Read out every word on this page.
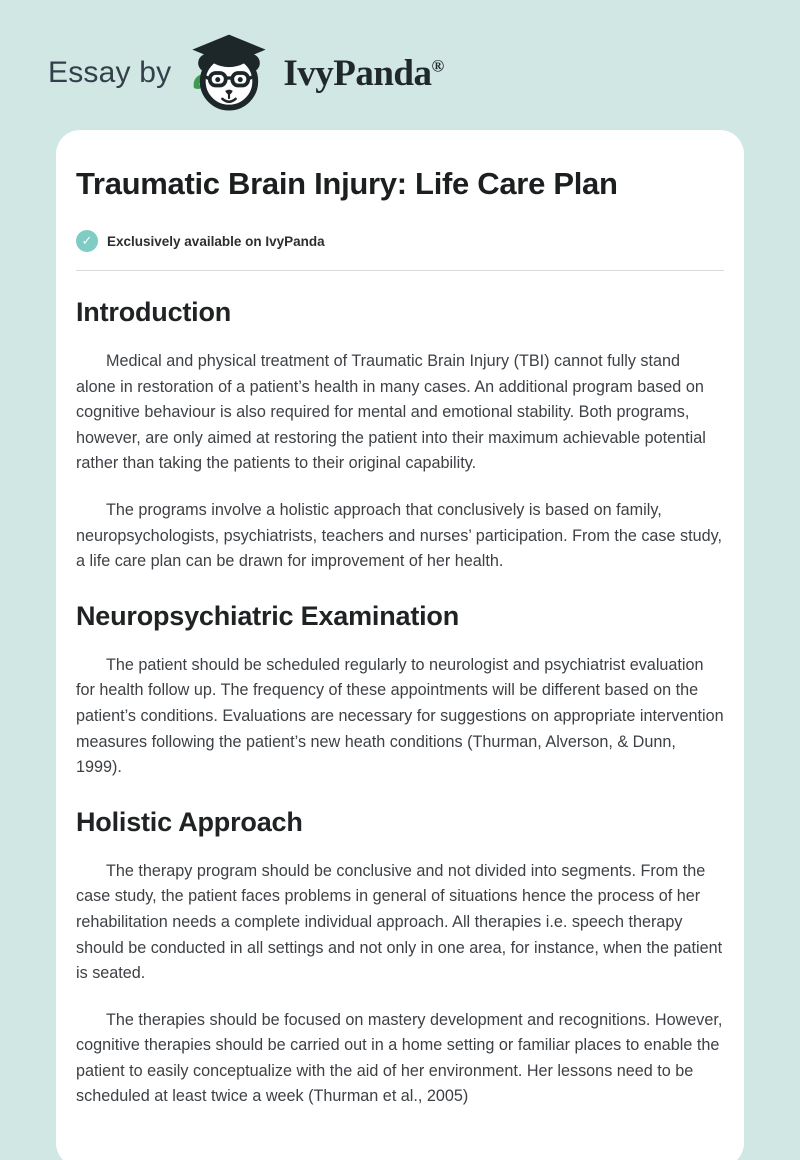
Essay by	IvyPanda®
Traumatic Brain Injury: Life Care Plan
✓	Exclusively available on IvyPanda
Introduction

Medical and physical treatment of Traumatic Brain Injury (TBI) cannot fully stand alone in restoration of a patient’s health in many cases. An additional program based on cognitive behaviour is also required for mental and emotional stability. Both programs, however, are only aimed at restoring the patient into their maximum achievable potential rather than taking the patients to their original capability.

The programs involve a holistic approach that conclusively is based on family, neuropsychologists, psychiatrists, teachers and nurses’ participation. From the case study, a life care plan can be drawn for improvement of her health.

Neuropsychiatric Examination

The patient should be scheduled regularly to neurologist and psychiatrist evaluation for health follow up. The frequency of these appointments will be different based on the patient’s conditions. Evaluations are necessary for suggestions on appropriate intervention measures following the patient’s new heath conditions (Thurman, Alverson, & Dunn, 1999).

Holistic Approach

The therapy program should be conclusive and not divided into segments. From the case study, the patient faces problems in general of situations hence the process of her rehabilitation needs a complete individual approach. All therapies i.e. speech therapy should be conducted in all settings and not only in one area, for instance, when the patient is seated.

The therapies should be focused on mastery development and recognitions. However, cognitive therapies should be carried out in a home setting or familiar places to enable the patient to easily conceptualize with the aid of her environment. Her lessons need to be scheduled at least twice a week (Thurman et al., 2005)
